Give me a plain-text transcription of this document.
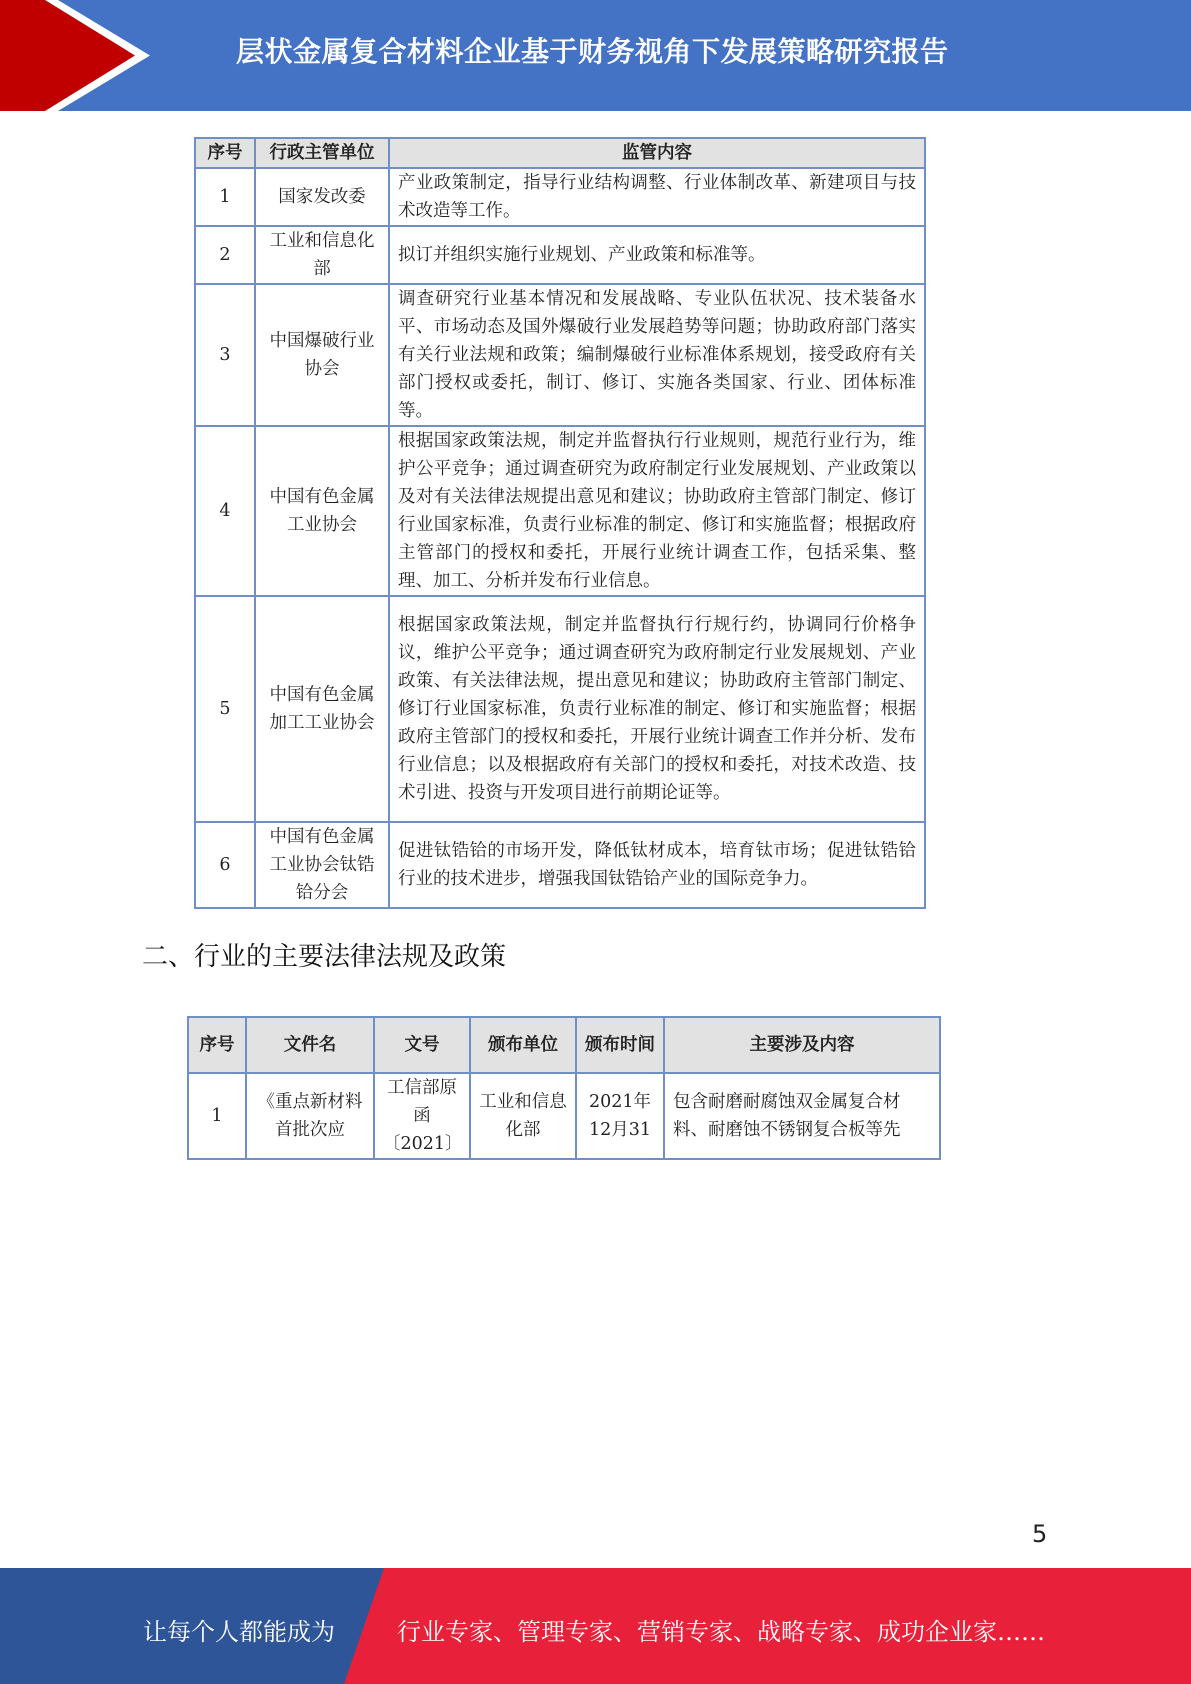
层状金属复合材料企业基于财务视角下发展策略研究报告
序号	行政主管单位	监管内容
1	国家发改委	产业政策制定，指导行业结构调整、行业体制改革、新建项目与技术改造等工作。
2	工业和信息化部	拟订并组织实施行业规划、产业政策和标准等。
3	中国爆破行业协会	调查研究行业基本情况和发展战略、专业队伍状况、技术装备水平、市场动态及国外爆破行业发展趋势等问题；协助政府部门落实有关行业法规和政策；编制爆破行业标准体系规划，接受政府有关部门授权或委托，制订、修订、实施各类国家、行业、团体标准等。
4	中国有色金属工业协会	根据国家政策法规，制定并监督执行行业规则，规范行业行为，维护公平竞争；通过调查研究为政府制定行业发展规划、产业政策以及对有关法律法规提出意见和建议；协助政府主管部门制定、修订行业国家标准，负责行业标准的制定、修订和实施监督；根据政府主管部门的授权和委托，开展行业统计调查工作，包括采集、整理、加工、分析并发布行业信息。
5	中国有色金属加工工业协会	根据国家政策法规，制定并监督执行行规行约，协调同行价格争议，维护公平竞争；通过调查研究为政府制定行业发展规划、产业政策、有关法律法规，提出意见和建议；协助政府主管部门制定、修订行业国家标准，负责行业标准的制定、修订和实施监督；根据政府主管部门的授权和委托，开展行业统计调查工作并分析、发布行业信息；以及根据政府有关部门的授权和委托，对技术改造、技术引进、投资与开发项目进行前期论证等。
6	中国有色金属工业协会钛锆铪分会	促进钛锆铪的市场开发，降低钛材成本，培育钛市场；促进钛锆铪行业的技术进步，增强我国钛锆铪产业的国际竞争力。
二、行业的主要法律法规及政策
序号	文件名	文号	颁布单位	颁布时间	主要涉及内容
1	《重点新材料首批次应	工信部原函〔2021〕	工业和信息化部	2021年12月31	包含耐磨耐腐蚀双金属复合材料、耐磨蚀不锈钢复合板等先
5
让每个人都能成为	行业专家、管理专家、营销专家、战略专家、成功企业家……
